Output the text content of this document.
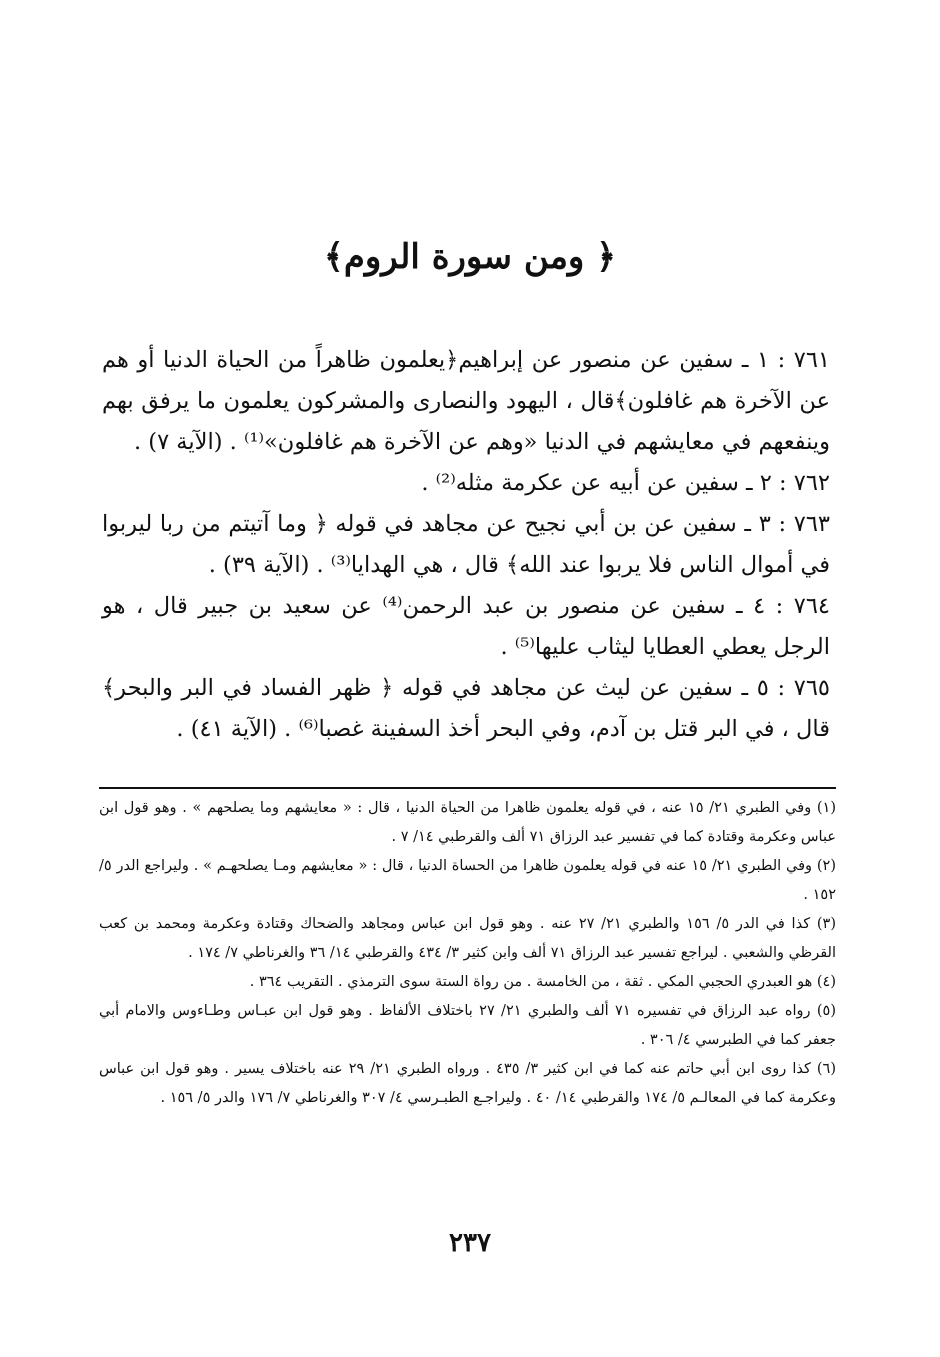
﴿ ومن سورة الروم﴾

٧٦١ : ١ ـ سفين عن منصور عن إبراهيم﴿يعلمون ظاهراً من الحياة الدنيا أو هم عن الآخرة هم غافلون﴾قال ، اليهود والنصارى والمشركون يعلمون ما يرفق بهم وينفعهم في معايشهم في الدنيا «وهم عن الآخرة هم غافلون»⁽¹⁾ . (الآية ٧) .

٧٦٢ : ٢ ـ سفين عن أبيه عن عكرمة مثله⁽²⁾ .

٧٦٣ : ٣ ـ سفين عن بن أبي نجيح عن مجاهد في قوله ﴿ وما آتيتم من ربا ليربوا في أموال الناس فلا يربوا عند الله﴾ قال ، هي الهدايا⁽³⁾ . (الآية ٣٩) .

٧٦٤ : ٤ ـ سفين عن منصور بن عبد الرحمن⁽⁴⁾ عن سعيد بن جبير قال ، هو الرجل يعطي العطايا ليثاب عليها⁽⁵⁾ .

٧٦٥ : ٥ ـ سفين عن ليث عن مجاهد في قوله ﴿ ظهر الفساد في البر والبحر﴾ قال ، في البر قتل بن آدم، وفي البحر أخذ السفينة غصبا⁽⁶⁾ . (الآية ٤١) .

(١) وفي الطبري ٢١/ ١٥ عنه ، في قوله يعلمون ظاهرا من الحياة الدنيا ، قال : « معايشهم وما يصلحهم » . وهو قول ابن عباس وعكرمة وقتادة كما في تفسير عبد الرزاق ٧١ ألف والقرطبي ١٤/ ٧ .

(٢) وفي الطبري ٢١/ ١٥ عنه في قوله يعلمون ظاهرا من الحساة الدنيا ، قال : « معايشهم ومـا يصلحهـم » . وليراجع الدر ٥/ ١٥٢ .

(٣) كذا في الدر ٥/ ١٥٦ والطبري ٢١/ ٢٧ عنه . وهو قول ابن عباس ومجاهد والضحاك وقتادة وعكرمة ومحمد بن كعب القرظي والشعبي . ليراجع تفسير عبد الرزاق ٧١ ألف وابن كثير ٣/ ٤٣٤ والقرطبي ١٤/ ٣٦ والغرناطي ٧/ ١٧٤ .

(٤) هو العبدري الحجبي المكي . ثقة ، من الخامسة . من رواة الستة سوى الترمذي . التقريب ٣٦٤ .

(٥) رواه عبد الرزاق في تفسيره ٧١ ألف والطبري ٢١/ ٢٧ باختلاف الألفاظ . وهو قول ابن عبـاس وطـاءوس والامام أبي جعفر كما في الطبرسي ٤/ ٣٠٦ .

(٦) كذا روى ابن أبي حاتم عنه كما في ابن كثير ٣/ ٤٣٥ . ورواه الطبري ٢١/ ٢٩ عنه باختلاف يسير . وهو قول ابن عباس وعكرمة كما في المعالـم ٥/ ١٧٤ والقرطبي ١٤/ ٤٠ . وليراجـع الطبـرسي ٤/ ٣٠٧ والغرناطي ٧/ ١٧٦ والدر ٥/ ١٥٦ .

٢٣٧
